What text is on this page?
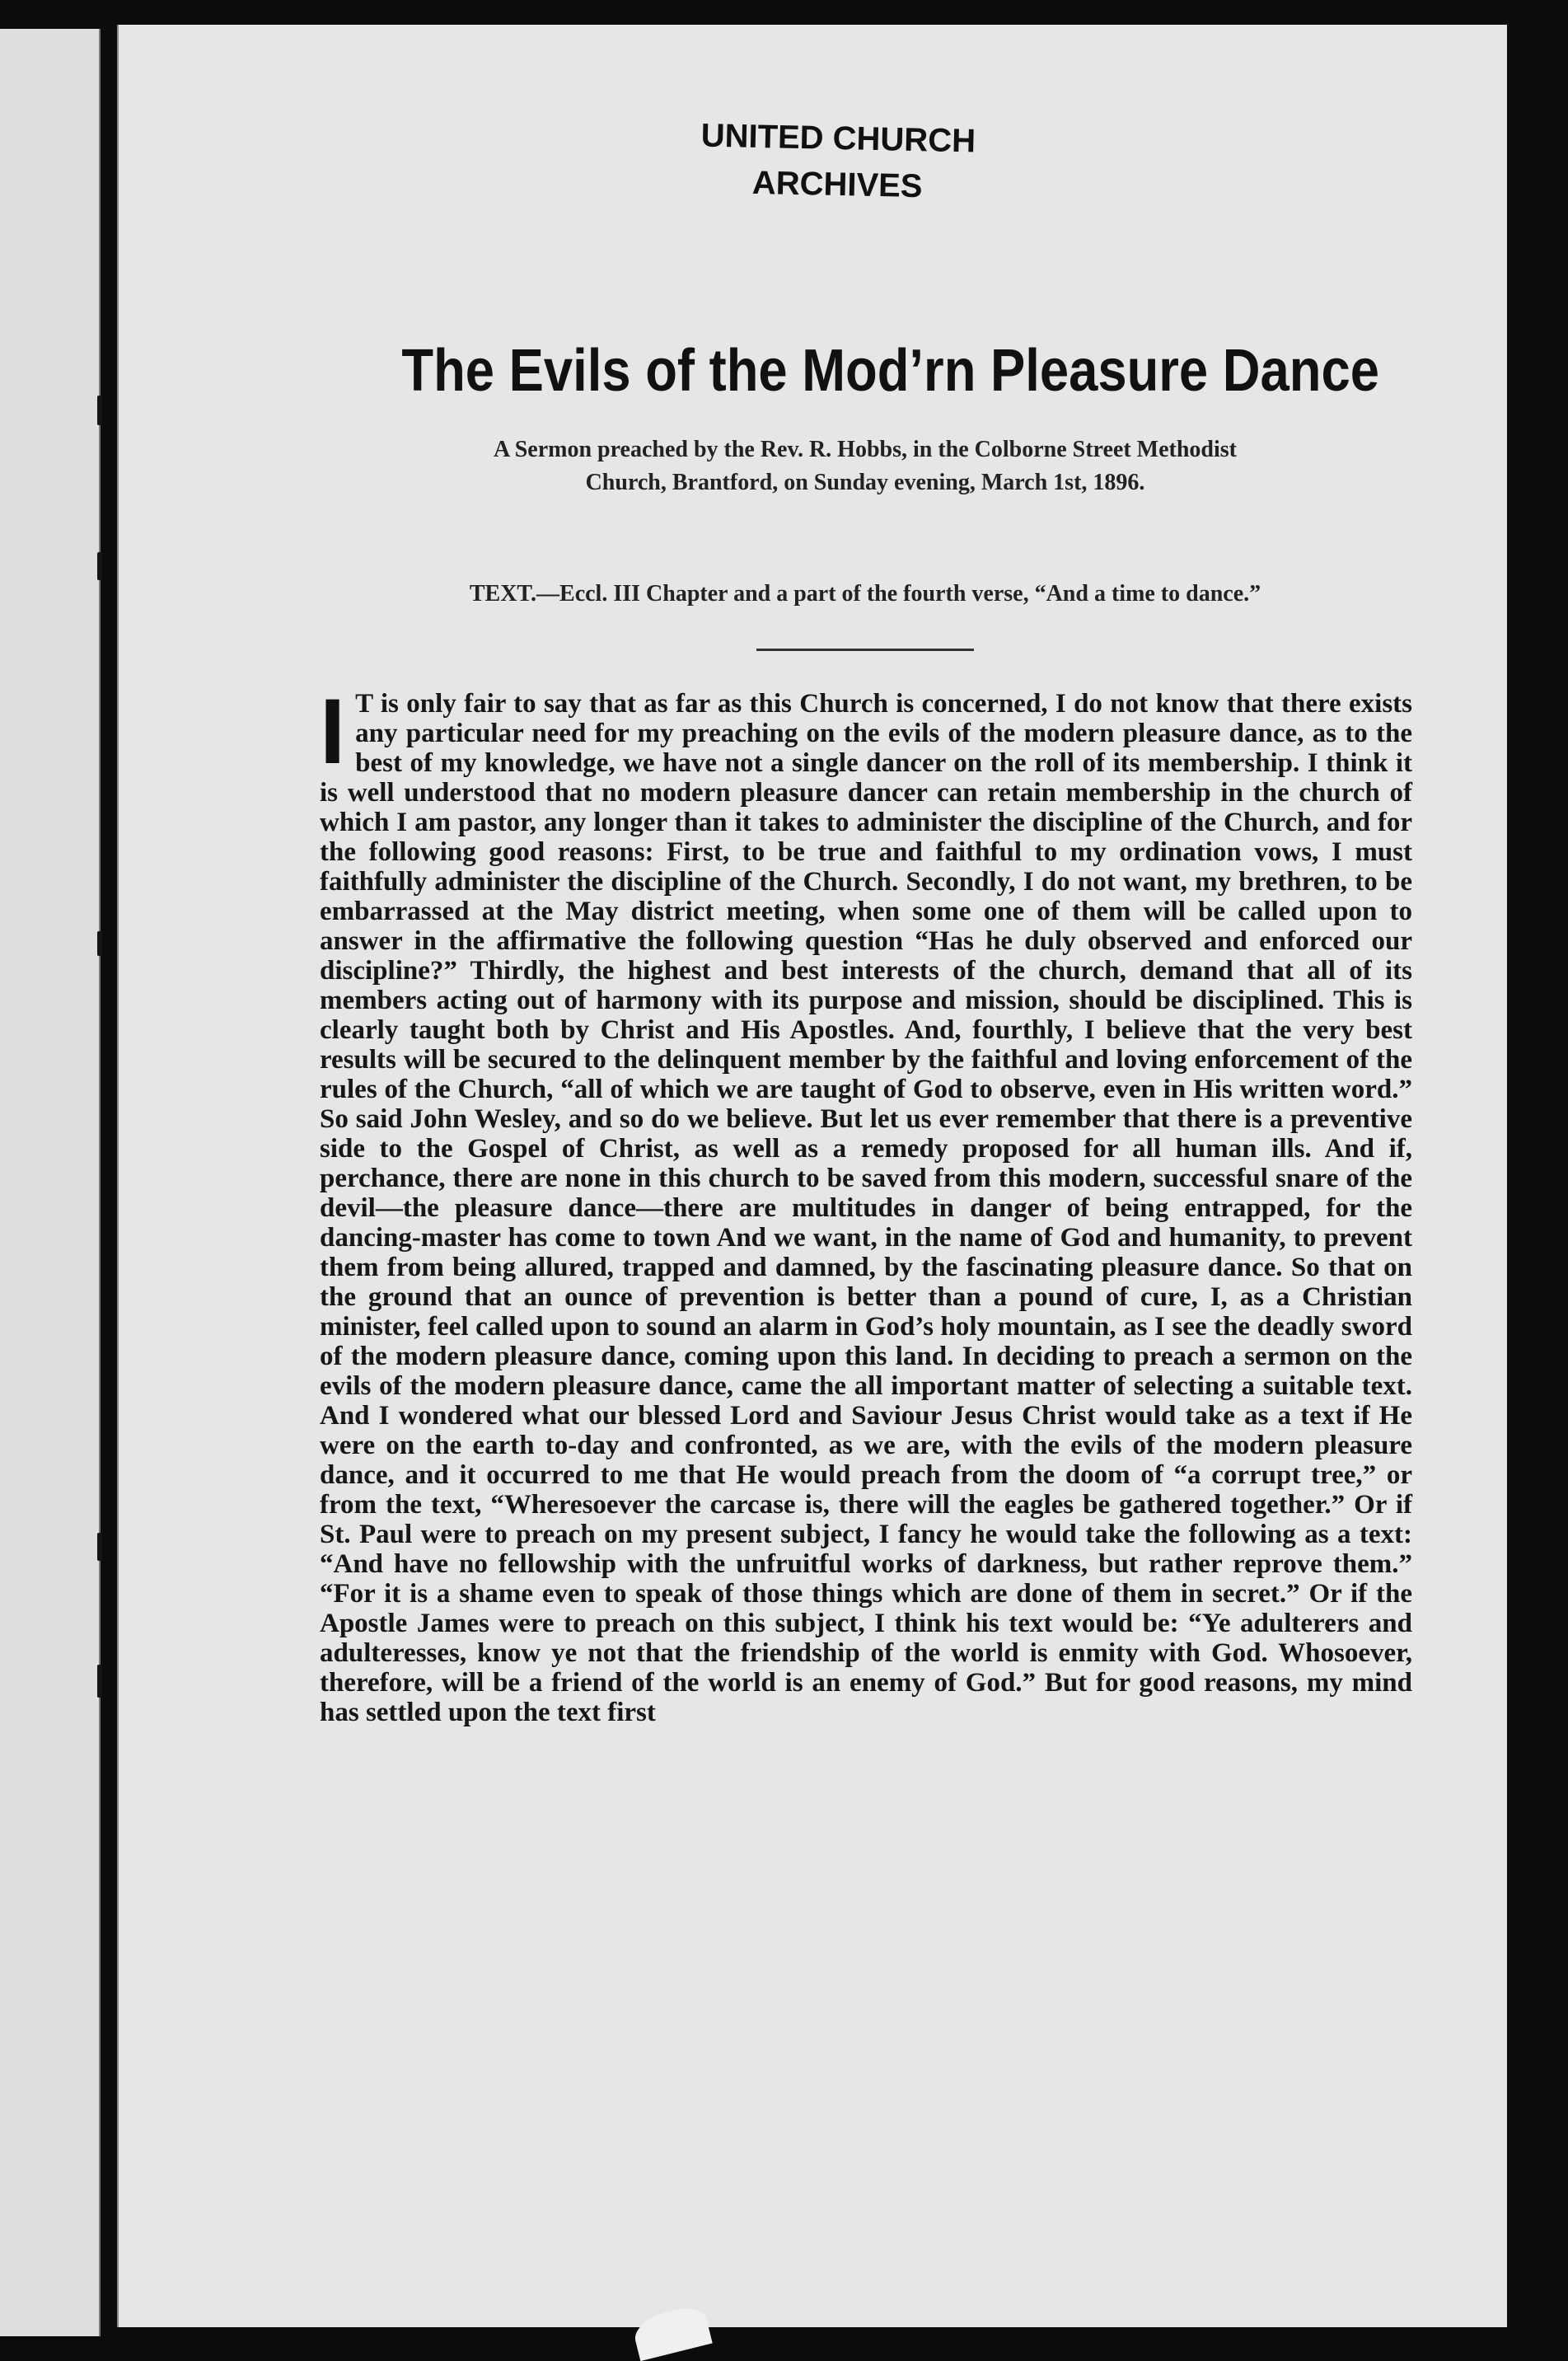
UNITED CHURCH
ARCHIVES
The Evils of the Mod’rn Pleasure Dance
A Sermon preached by the Rev. R. Hobbs, in the Colborne Street Methodist
Church, Brantford, on Sunday evening, March 1st, 1896.
TEXT.—Eccl. III Chapter and a part of the fourth verse, “And a time to dance.”
I T is only fair to say that as far as this Church is concerned, I do not know that there exists any particular need for my preaching on the evils of the modern pleasure dance, as to the best of my knowledge, we have not a single dancer on the roll of its membership. I think it is well understood that no modern pleasure dancer can retain membership in the church of which I am pastor, any longer than it takes to administer the discipline of the Church, and for the following good reasons: First, to be true and faithful to my ordination vows, I must faithfully administer the discipline of the Church. Secondly, I do not want, my brethren, to be embarrassed at the May district meeting, when some one of them will be called upon to answer in the affirmative the following question “Has he duly observed and enforced our discipline?” Thirdly, the highest and best interests of the church, demand that all of its members acting out of harmony with its purpose and mission, should be disciplined. This is clearly taught both by Christ and His Apostles. And, fourthly, I believe that the very best results will be secured to the delinquent member by the faithful and loving enforcement of the rules of the Church, “all of which we are taught of God to observe, even in His written word.” So said John Wesley, and so do we believe. But let us ever remember that there is a preventive side to the Gospel of Christ, as well as a remedy proposed for all human ills. And if, perchance, there are none in this church to be saved from this modern, successful snare of the devil—the pleasure dance—there are multitudes in danger of being entrapped, for the dancing-master has come to town And we want, in the name of God and humanity, to prevent them from being allured, trapped and damned, by the fascinating pleasure dance. So that on the ground that an ounce of prevention is better than a pound of cure, I, as a Christian minister, feel called upon to sound an alarm in God’s holy mountain, as I see the deadly sword of the modern pleasure dance, coming upon this land. In deciding to preach a sermon on the evils of the modern pleasure dance, came the all important matter of selecting a suitable text. And I wondered what our blessed Lord and Saviour Jesus Christ would take as a text if He were on the earth to-day and confronted, as we are, with the evils of the modern pleasure dance, and it occurred to me that He would preach from the doom of “a corrupt tree,” or from the text, “Wheresoever the carcase is, there will the eagles be gathered together.” Or if St. Paul were to preach on my present subject, I fancy he would take the following as a text: “And have no fellowship with the unfruitful works of darkness, but rather reprove them.” “For it is a shame even to speak of those things which are done of them in secret.” Or if the Apostle James were to preach on this subject, I think his text would be: “Ye adulterers and adulteresses, know ye not that the friendship of the world is enmity with God. Whosoever, therefore, will be a friend of the world is an enemy of God.” But for good reasons, my mind has settled upon the text first
